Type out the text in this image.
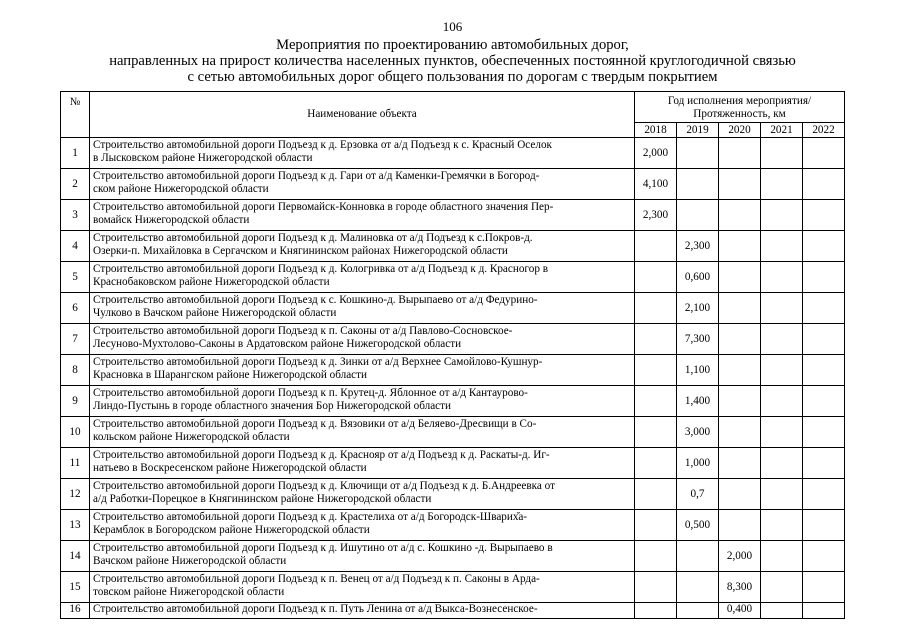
106
Мероприятия по проектированию автомобильных дорог,
направленных на прирост количества населенных пунктов, обеспеченных постоянной круглогодичной связью
с сетью автомобильных дорог общего пользования по дорогам с твердым покрытием
№	Наименование объекта	Год исполнения мероприятия/
Протяженность, км				

		2018	2019	2020	2021	2022
1	Строительство автомобильной дороги Подъезд к д. Ерзовка от а/д Подъезд к с. Красный Оселок
в Лысковском районе Нижегородской области	2,000				
2	Строительство автомобильной дороги Подъезд к д. Гари от а/д Каменки-Гремячки в Богород-
ском районе Нижегородской области	4,100				
3	Строительство автомобильной дороги Первомайск-Конновка в городе областного значения Пер-
вомайск Нижегородской области	2,300				
4	Строительство автомобильной дороги Подъезд к д. Малиновка от а/д Подъезд к с.Покров-д.
Озерки-п. Михайловка в Сергачском и Княгининском районах Нижегородской области		2,300			
5	Строительство автомобильной дороги Подъезд к д. Кологривка от а/д Подъезд к д. Красногор в
Краснобаковском районе Нижегородской области		0,600			
6	Строительство автомобильной дороги Подъезд к с. Кошкино-д. Вырыпаево от а/д Федурино-
Чулково в Вачском районе Нижегородской области		2,100			
7	Строительство автомобильной дороги Подъезд к п. Саконы от а/д Павлово-Сосновское-
Лесуново-Мухтолово-Саконы в Ардатовском районе Нижегородской области		7,300			
8	Строительство автомобильной дороги Подъезд к д. Зинки от а/д Верхнее Самойлово-Кушнур-
Красновка в Шарангском районе Нижегородской области		1,100			
9	Строительство автомобильной дороги Подъезд к п. Крутец-д. Яблонное от а/д Кантаурово-
Линдо-Пустынь в городе областного значения Бор Нижегородской области		1,400			
10	Строительство автомобильной дороги Подъезд к д. Вязовики от а/д Беляево-Дресвищи в Со-
кольском районе Нижегородской области		3,000			
11	Строительство автомобильной дороги Подъезд к д. Краснояр от а/д Подъезд к д. Раскаты-д. Иг-
натьево в Воскресенском районе Нижегородской области		1,000			
12	Строительство автомобильной дороги Подъезд к д. Ключищи от а/д Подъезд к д. Б.Андреевка от
а/д Работки-Порецкое в Княгининском районе Нижегородской области		0,7			
13	Строительство автомобильной дороги Подъезд к д. Крастелиха от а/д Богородск-Шварих̆а-
Керамблок в Богородском районе Нижегородской области		0,500			
14	Строительство автомобильной дороги Подъезд к д. Ишутино от а/д с. Кошкино -д. Вырыпаево в
Вачском районе Нижегородской области			2,000		
15	Строительство автомобильной дороги Подъезд к п. Венец от а/д Подъезд к п. Саконы в Арда-
товском районе Нижегородской области			8,300		
16	Строительство автомобильной дороги Подъезд к п. Путь Ленина от а/д Выкса-Вознесенское-			0,400		
